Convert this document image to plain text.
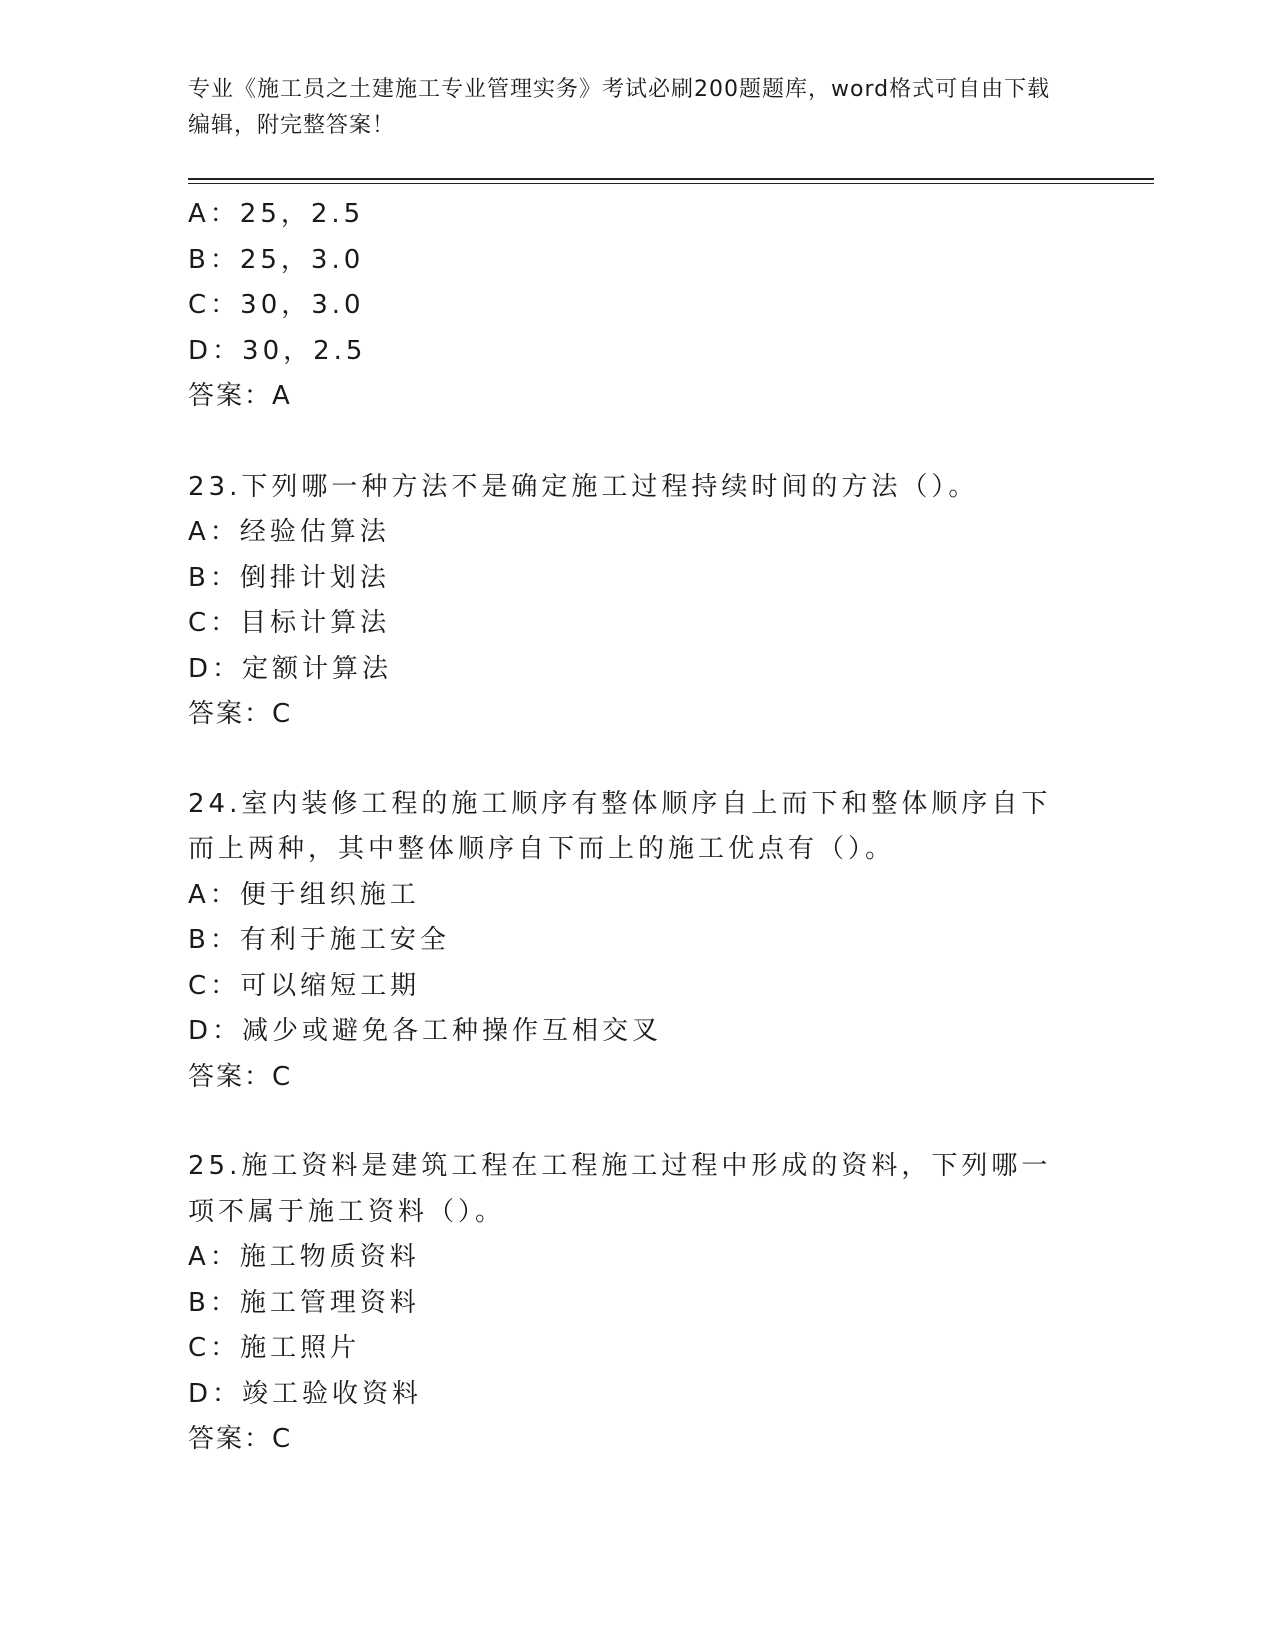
专业《施工员之土建施工专业管理实务》考试必刷200题题库，word格式可自由下载编辑，附完整答案！
A：25，2.5
B：25，3.0
C：30，3.0
D：30，2.5
答案：A
23.下列哪一种方法不是确定施工过程持续时间的方法（）。
A：经验估算法
B：倒排计划法
C：目标计算法
D：定额计算法
答案：C
24.室内装修工程的施工顺序有整体顺序自上而下和整体顺序自下而上两种，其中整体顺序自下而上的施工优点有（）。
A：便于组织施工
B：有利于施工安全
C：可以缩短工期
D：减少或避免各工种操作互相交叉
答案：C
25.施工资料是建筑工程在工程施工过程中形成的资料，下列哪一项不属于施工资料（）。
A：施工物质资料
B：施工管理资料
C：施工照片
D：竣工验收资料
答案：C
